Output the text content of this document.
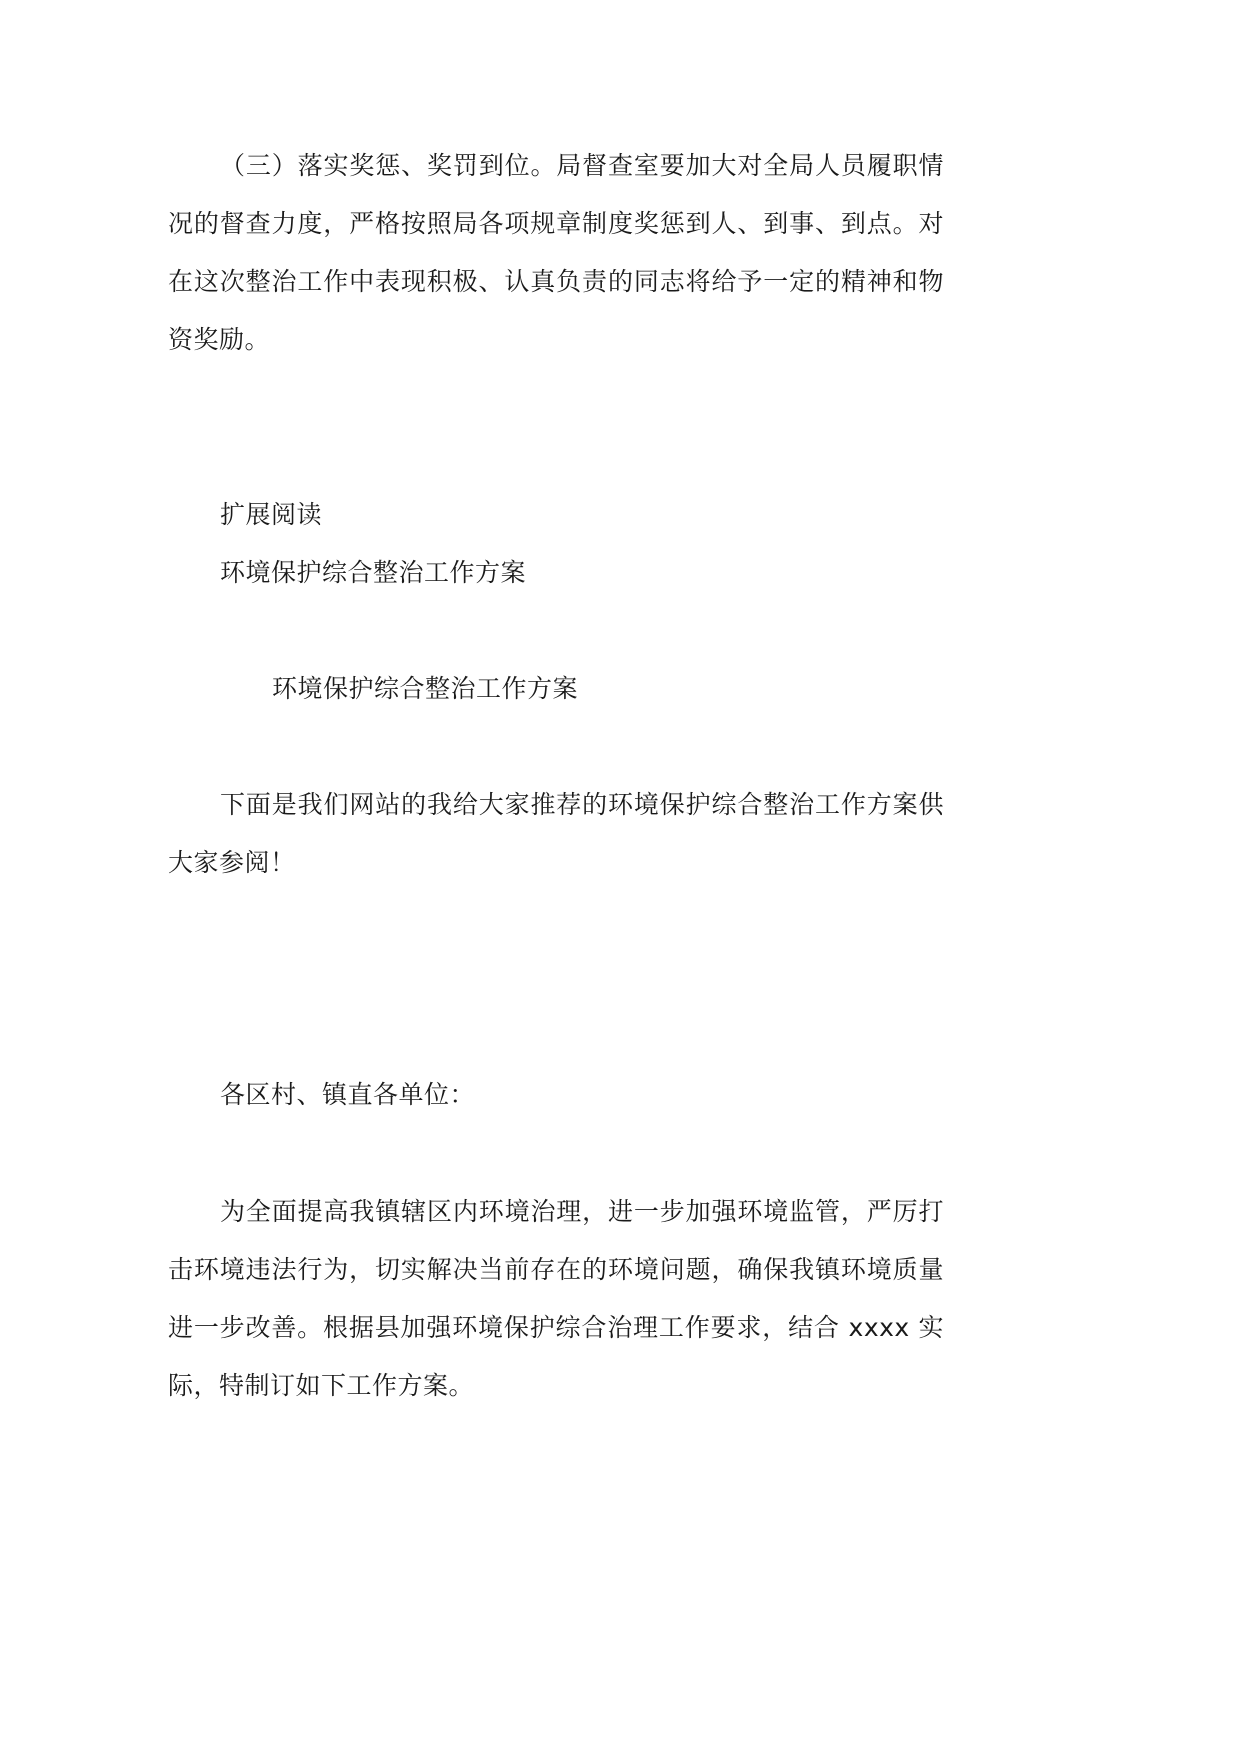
（三）落实奖惩、奖罚到位。局督查室要加大对全局人员履职情况的督查力度，严格按照局各项规章制度奖惩到人、到事、到点。对在这次整治工作中表现积极、认真负责的同志将给予一定的精神和物资奖励。

扩展阅读
环境保护综合整治工作方案
环境保护综合整治工作方案

下面是我们网站的我给大家推荐的环境保护综合整治工作方案供大家参阅！

各区村、镇直各单位：

为全面提高我镇辖区内环境治理，进一步加强环境监管，严厉打击环境违法行为，切实解决当前存在的环境问题，确保我镇环境质量进一步改善。根据县加强环境保护综合治理工作要求，结合 xxxx 实际，特制订如下工作方案。
